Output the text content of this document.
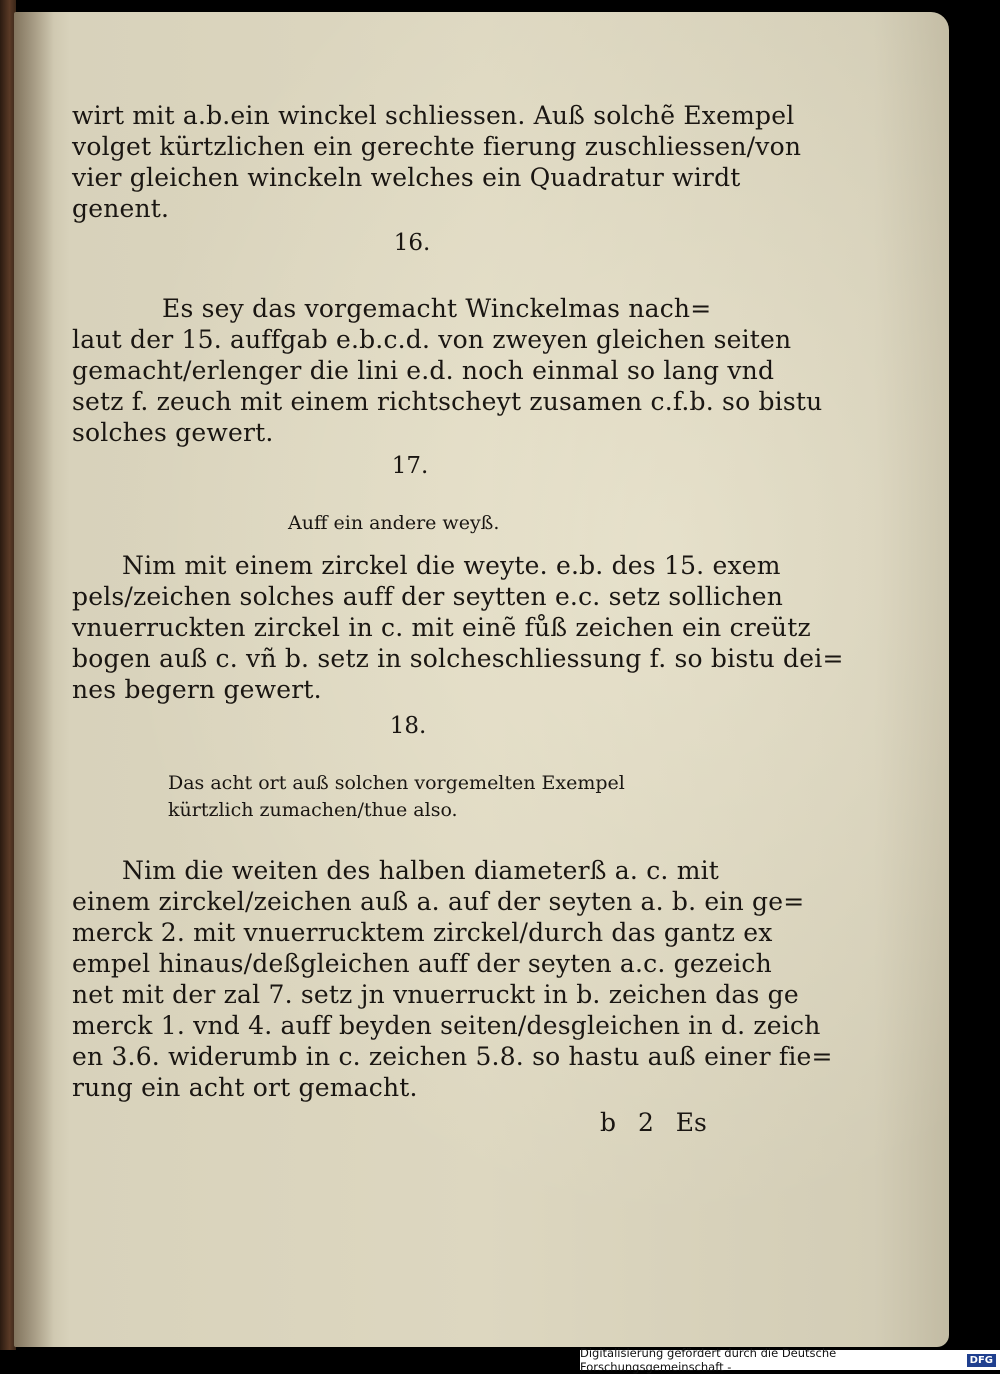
wirt mit a.b.ein winckel schliessen. Auß solchẽ Exempel
volget kürtzlichen ein gerechte fierung zuschliessen/von
vier gleichen winckeln welches ein Quadratur wirdt
genent.
16.
Es sey das vorgemacht Winckelmas nach=
laut der 15. auffgab e.b.c.d. von zweyen gleichen seiten
gemacht/erlenger die lini e.d. noch einmal so lang vnd
setz f. zeuch mit einem richtscheyt zusamen c.f.b. so bistu
solches gewert.
17.
Auff ein andere weyß.
Nim mit einem zirckel die weyte. e.b. des 15. exem
pels/zeichen solches auff der seytten e.c. setz sollichen
vnuerruckten zirckel in c. mit einẽ fůß zeichen ein creütz
bogen auß c. vñ b. setz in solcheschliessung f. so bistu dei=
nes begern gewert.
18.
Das acht ort auß solchen vorgemelten Exempel
kürtzlich zumachen/thue also.
Nim die weiten des halben diameterß a. c. mit
einem zirckel/zeichen auß a. auf der seyten a. b. ein ge=
merck 2. mit vnuerrucktem zirckel/durch das gantz ex
empel hinaus/deßgleichen auff der seyten a.c. gezeich
net mit der zal 7. setz jn vnuerruckt in b. zeichen das ge
merck 1. vnd 4. auff beyden seiten/desgleichen in d. zeich
en 3.6. widerumb in c. zeichen 5.8. so hastu auß einer fie=
rung ein acht ort gemacht.
b 2 Es
Digitalisierung gefördert durch die Deutsche Forschungsgemeinschaft -	DFG
